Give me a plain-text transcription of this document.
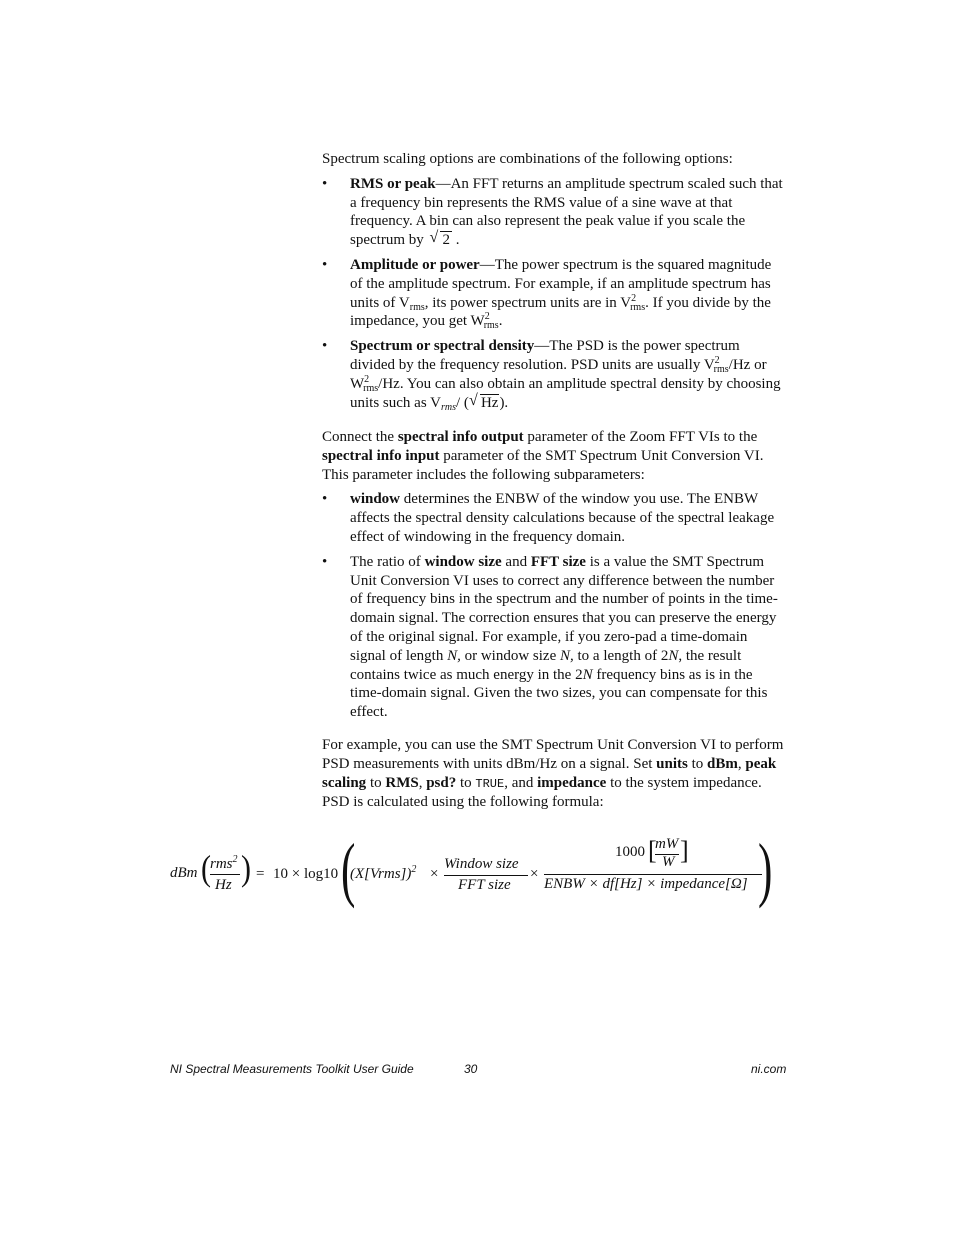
Spectrum scaling options are combinations of the following options:

• RMS or peak—An FFT returns an amplitude spectrum scaled such that a frequency bin represents the RMS value of a sine wave at that frequency. A bin can also represent the peak value if you scale the spectrum by √ 2 .
• Amplitude or power—The power spectrum is the squared magnitude of the amplitude spectrum. For example, if an amplitude spectrum has units of $V_{rms}$, its power spectrum units are in $V^2_{rms}$. If you divide by the impedance, you get $W^2_{rms}$.
• Spectrum or spectral density—The PSD is the power spectrum divided by the frequency resolution. PSD units are usually $V^2_{rms}/Hz$ or $W^2_{rms}/Hz$. You can also obtain an amplitude spectral density by choosing units such as $V_{rms}/$ ( √ Hz).

Connect the spectral info output parameter of the Zoom FFT VIs to the spectral info input parameter of the SMT Spectrum Unit Conversion VI. This parameter includes the following subparameters:

• window determines the ENBW of the window you use. The ENBW affects the spectral density calculations because of the spectral leakage effect of windowing in the frequency domain.
• The ratio of window size and FFT size is a value the SMT Spectrum Unit Conversion VI uses to correct any difference between the number of frequency bins in the spectrum and the number of points in the time-domain signal. The correction ensures that you can preserve the energy of the original signal. For example, if you zero-pad a time-domain signal of length N, or window size N, to a length of 2N, the result contains twice as much energy in the 2N frequency bins as is in the time-domain signal. Given the two sizes, you can compensate for this effect.

For example, you can use the SMT Spectrum Unit Conversion VI to perform PSD measurements with units dBm/Hz on a signal. Set units to dBm, peak scaling to RMS, psd? to TRUE, and impedance to the system impedance. PSD is calculated using the following formula:

dBm ( rms$^2$
Hz ) = 10 × log10 (
(X[Vrms])$^2$ ×
Window size
FFT size
×
1000 [
mW
W ]
ENBW × df[Hz] × impedance[Ω] )
NI Spectral Measurements Toolkit User Guide	30	ni.com
